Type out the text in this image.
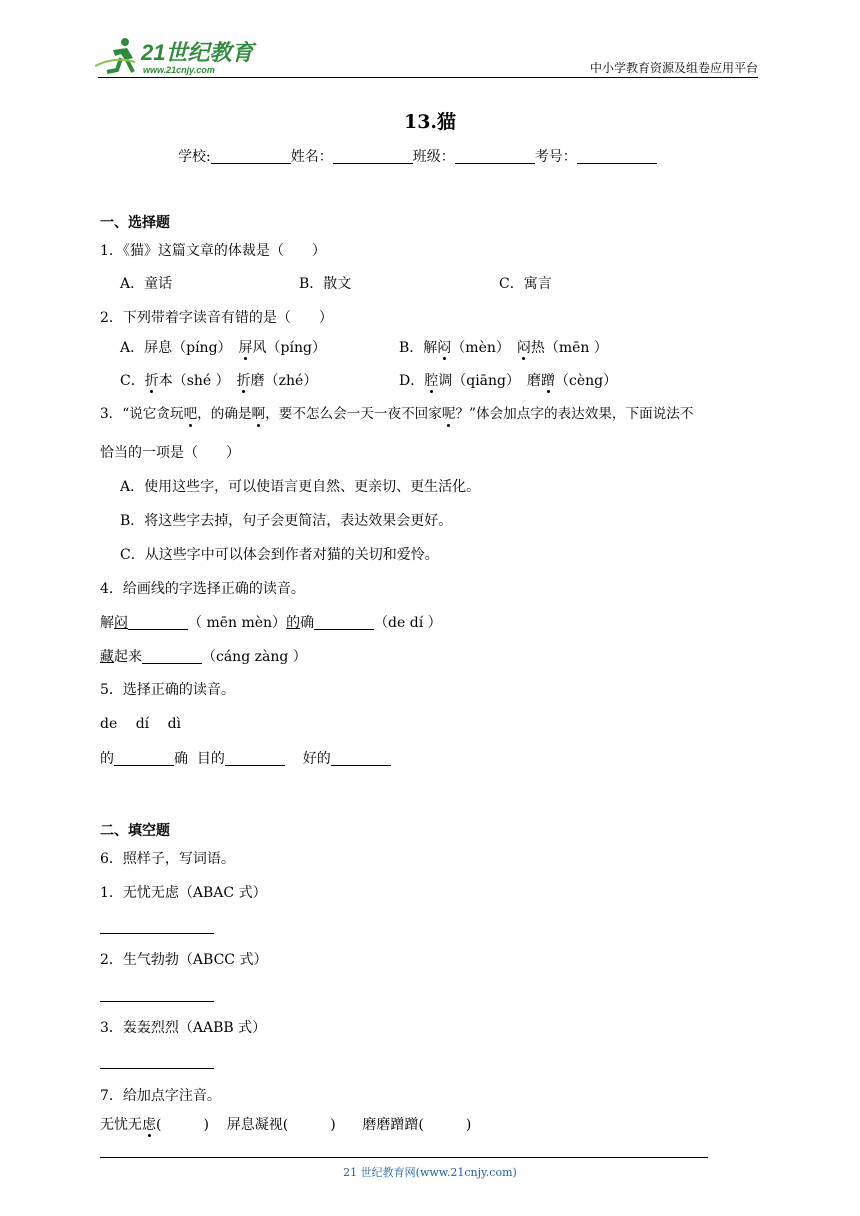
21世纪教育
www.21cnjy.com	中小学教育资源及组卷应用平台
13.猫
学校:	姓名：	班级：	考号：
一、选择题
1．《猫》这篇文章的体裁是（　　）
A．童话	B．散文	C．寓言
2．下列带着字读音有错的是（　　）
A．屏息（píng）　屏风（píng）	B．解闷（mèn）　闷热（mēn ）
C．折本（shé ）　折磨（zhé）	D．腔调（qiāng）　磨蹭（cèng）
3．“说它贪玩吧，的确是啊，要不怎么会一天一夜不回家呢？”体会加点字的表达效果，下面说法不
恰当的一项是（　　）
A．使用这些字，可以使语言更自然、更亲切、更生活化。
B．将这些字去掉，句子会更简洁，表达效果会更好。
C．从这些字中可以体会到作者对猫的关切和爱怜。
4．给画线的字选择正确的读音。
解闷	（ mēn mèn）的确	（de dí ）
藏起来	（cáng zàng ）
5．选择正确的读音。
de　 dí　 dì
的	确 目的	好的
二、填空题
6．照样子，写词语。
1．无忧无虑（ABAC 式）
2．生气勃勃（ABCC 式）
3．轰轰烈烈（AABB 式）
7．给加点字注音。
无忧无虑(　　　) 屏息凝视(　　　) 磨磨蹭蹭(　　　)
21 世纪教育网(www.21cnjy.com)
